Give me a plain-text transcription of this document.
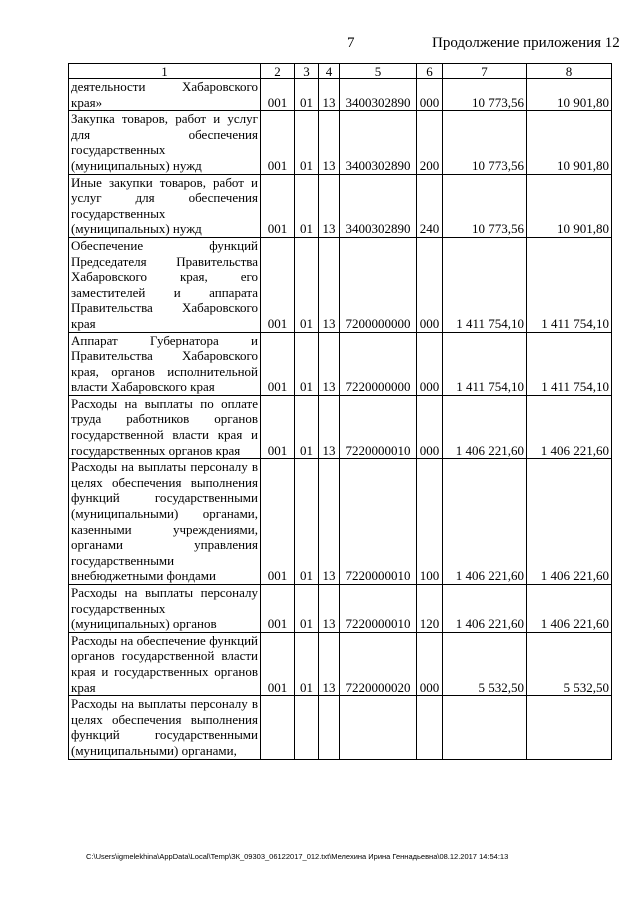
7	Продолжение приложения 12
1	2	3	4	5	6	7	8
деятельности Хабаровского края»	001	01	13	3400302890	000	10 773,56	10 901,80
Закупка товаров, работ и услуг для обеспечения государственных (муниципальных) нужд	001	01	13	3400302890	200	10 773,56	10 901,80
Иные закупки товаров, работ и услуг для обеспечения государственных (муниципальных) нужд	001	01	13	3400302890	240	10 773,56	10 901,80
Обеспечение функций Председателя Правительства Хабаровского края, его заместителей и аппарата Правительства Хабаровского края	001	01	13	7200000000	000	1 411 754,10	1 411 754,10
Аппарат Губернатора и Правительства Хабаровского края, органов исполнительной власти Хабаровского края	001	01	13	7220000000	000	1 411 754,10	1 411 754,10
Расходы на выплаты по оплате труда работников органов государственной власти края и государственных органов края	001	01	13	7220000010	000	1 406 221,60	1 406 221,60
Расходы на выплаты персоналу в целях обеспечения выполнения функций государственными (муниципальными) органами, казенными учреждениями, органами управления государственными внебюджетными фондами	001	01	13	7220000010	100	1 406 221,60	1 406 221,60
Расходы на выплаты персоналу государственных (муниципальных) органов	001	01	13	7220000010	120	1 406 221,60	1 406 221,60
Расходы на обеспечение функций органов государственной власти края и государственных органов края	001	01	13	7220000020	000	5 532,50	5 532,50
Расходы на выплаты персоналу в целях обеспечения выполнения функций государственными (муниципальными) органами,							
C:\Users\igmelekhina\AppData\Local\Temp\ЗК_09303_06122017_012.txt\Мелехина Ирина Геннадьевна\08.12.2017 14:54:13
